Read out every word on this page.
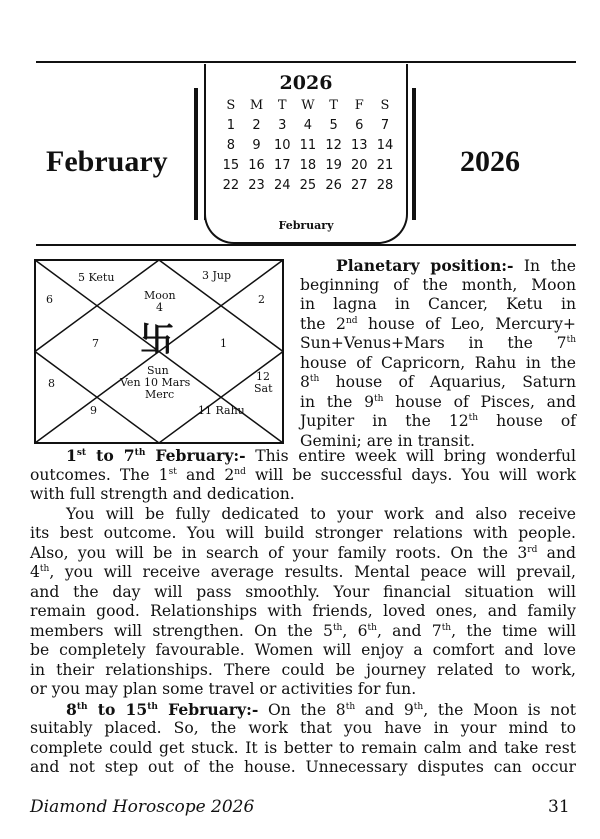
February	2026
2026
S	M	T	W	T	F	S
1	2	3	4	5	6	7
8	9	10 11 12 13 14
15 16 17 18 19 20 21
22 23 24 25 26 27 28
February
5 Ketu	3 Jup
Moon
4
6	2
7	1
卐
Sun
Ven 10 Mars
Merc
8
12
Sat
9	11 Rahu
Planetary position:- In the
beginning of the month, Moon
in lagna in Cancer, Ketu in
the 2nd house of Leo, Mercury+
Sun+Venus+Mars in the 7th
house of Capricorn, Rahu in the
8th house of Aquarius, Saturn
in the 9th house of Pisces, and
Jupiter in the 12th house of
Gemini; are in transit.
1st to 7th February:- This entire week will bring wonderful
outcomes. The 1st and 2nd will be successful days. You will work
with full strength and dedication.
You will be fully dedicated to your work and also receive
its best outcome. You will build stronger relations with people.
Also, you will be in search of your family roots. On the 3rd and
4th, you will receive average results. Mental peace will prevail,
and the day will pass smoothly. Your financial situation will
remain good. Relationships with friends, loved ones, and family
members will strengthen. On the 5th, 6th, and 7th, the time will
be completely favourable. Women will enjoy a comfort and love
in their relationships. There could be journey related to work,
or you may plan some travel or activities for fun.
8th to 15th February:- On the 8th and 9th, the Moon is not
suitably placed. So, the work that you have in your mind to
complete could get stuck. It is better to remain calm and take rest
and not step out of the house. Unnecessary disputes can occur
Diamond Horoscope 2026	31
